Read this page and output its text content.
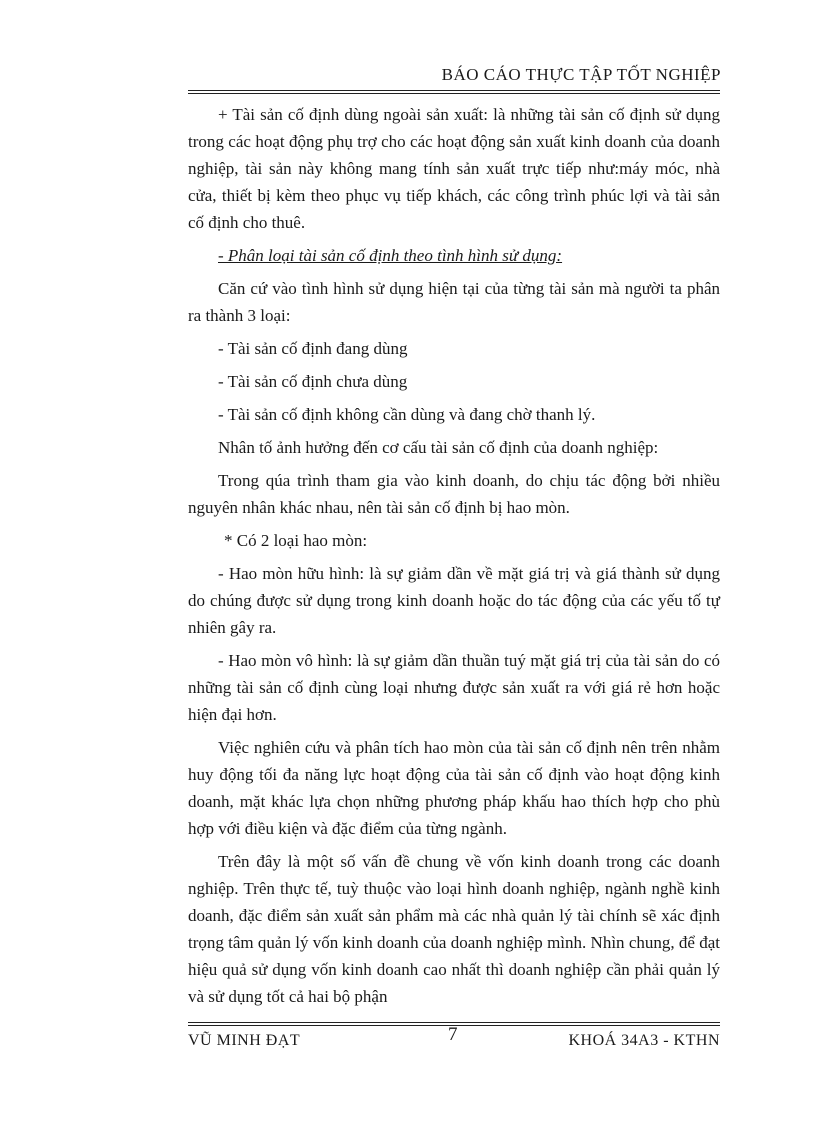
BÁO CÁO THỰC TẬP TỐT NGHIỆP

+ Tài sản cố định dùng ngoài sản xuất: là những tài sản cố định sử dụng trong các hoạt động phụ trợ cho các hoạt động sản xuất kinh doanh của doanh nghiệp, tài sản này không mang tính sản xuất trực tiếp như:máy móc, nhà cửa, thiết bị kèm theo phục vụ tiếp khách, các công trình phúc lợi và tài sản cố định cho thuê.

- Phân loại tài sản cố định theo tình hình sử dụng:

Căn cứ vào tình hình sử dụng hiện tại của từng tài sản mà người ta phân ra thành 3 loại:

- Tài sản cố định đang dùng

- Tài sản cố định chưa dùng

- Tài sản cố định không cần dùng và đang chờ thanh lý.

Nhân tố ảnh hưởng đến cơ cấu tài sản cố định của doanh nghiệp:

Trong qúa trình tham gia vào kinh doanh, do chịu tác động bởi nhiều nguyên nhân khác nhau, nên tài sản cố định bị hao mòn.

* Có 2 loại hao mòn:

- Hao mòn hữu hình: là sự giảm dần về mặt giá trị và giá thành sử dụng do chúng được sử dụng trong kinh doanh hoặc do tác động của các yếu tố tự nhiên gây ra.

- Hao mòn vô hình: là sự giảm dần thuần tuý mặt giá trị của tài sản do có những tài sản cố định cùng loại nhưng được sản xuất ra với giá rẻ hơn hoặc hiện đại hơn.

Việc nghiên cứu và phân tích hao mòn của tài sản cố định nên trên nhằm huy động tối đa năng lực hoạt động của tài sản cố định vào hoạt động kinh doanh, mặt khác lựa chọn những phương pháp khấu hao thích hợp cho phù hợp với điều kiện và đặc điểm của từng ngành.

Trên đây là một số vấn đề chung về vốn kinh doanh trong các doanh nghiệp. Trên thực tế, tuỳ thuộc vào loại hình doanh nghiệp, ngành nghề kinh doanh, đặc điểm sản xuất sản phẩm mà các nhà quản lý tài chính sẽ xác định trọng tâm quản lý vốn kinh doanh của doanh nghiệp mình. Nhìn chung, để đạt hiệu quả sử dụng vốn kinh doanh cao nhất thì doanh nghiệp cần phải quản lý và sử dụng tốt cả hai bộ phận

VŨ MINH ĐẠT	7	KHOÁ 34A3 - KTHN
